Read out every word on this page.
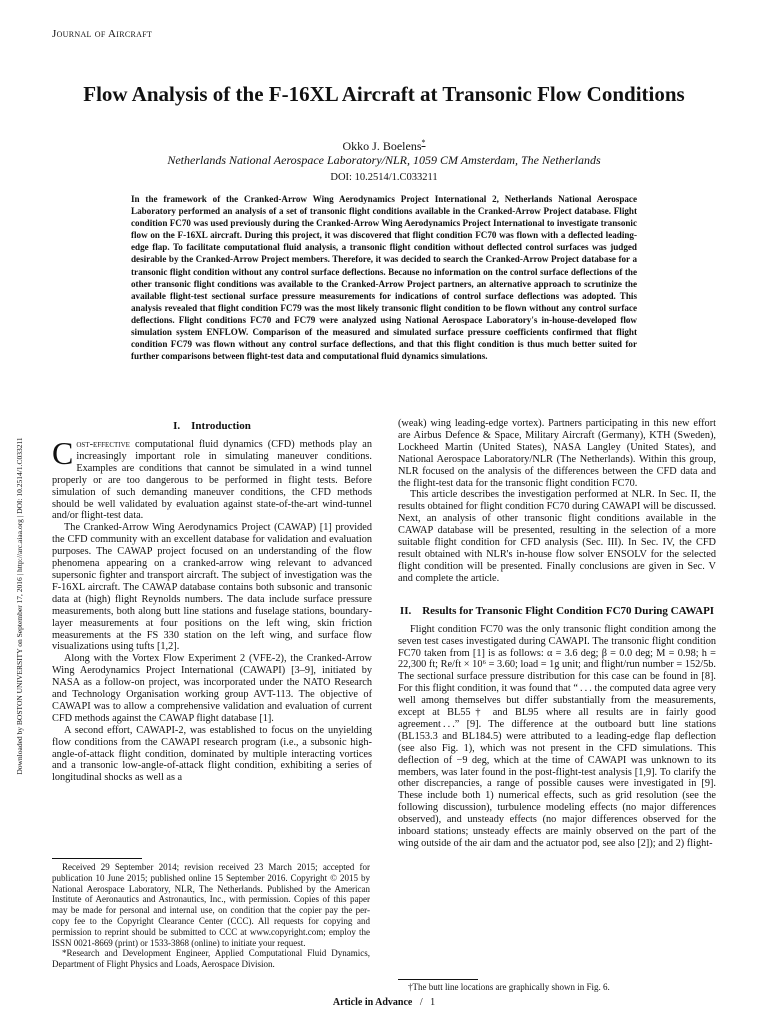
Journal of Aircraft
Downloaded by BOSTON UNIVERSITY on September 17, 2016 | http://arc.aiaa.org | DOI: 10.2514/1.C033211
Flow Analysis of the F-16XL Aircraft at Transonic Flow Conditions
Okko J. Boelens*
Netherlands National Aerospace Laboratory/NLR, 1059 CM Amsterdam, The Netherlands
DOI: 10.2514/1.C033211
In the framework of the Cranked-Arrow Wing Aerodynamics Project International 2, Netherlands National Aerospace Laboratory performed an analysis of a set of transonic flight conditions available in the Cranked-Arrow Project database. Flight condition FC70 was used previously during the Cranked-Arrow Wing Aerodynamics Project International to investigate transonic flow on the F-16XL aircraft. During this project, it was discovered that flight condition FC70 was flown with a deflected leading-edge flap. To facilitate computational fluid analysis, a transonic flight condition without deflected control surfaces was judged desirable by the Cranked-Arrow Project members. Therefore, it was decided to search the Cranked-Arrow Project database for a transonic flight condition without any control surface deflections. Because no information on the control surface deflections of the other transonic flight conditions was available to the Cranked-Arrow Project partners, an alternative approach to scrutinize the available flight-test sectional surface pressure measurements for indications of control surface deflections was adopted. This analysis revealed that flight condition FC79 was the most likely transonic flight condition to be flown without any control surface deflections. Flight conditions FC70 and FC79 were analyzed using National Aerospace Laboratory's in-house-developed flow simulation system ENFLOW. Comparison of the measured and simulated surface pressure coefficients confirmed that flight condition FC79 was flown without any control surface deflections, and that this flight condition is thus much better suited for further comparisons between flight-test data and computational fluid dynamics simulations.
I. Introduction

Cost-effective computational fluid dynamics (CFD) methods play an increasingly important role in simulating maneuver conditions. Examples are conditions that cannot be simulated in a wind tunnel properly or are too dangerous to be performed in flight tests. Before simulation of such demanding maneuver conditions, the CFD methods should be well validated by evaluation against state-of-the-art wind-tunnel and/or flight-test data.

The Cranked-Arrow Wing Aerodynamics Project (CAWAP) [1] provided the CFD community with an excellent database for validation and evaluation purposes. The CAWAP project focused on an understanding of the flow phenomena appearing on a cranked-arrow wing relevant to advanced supersonic fighter and transport aircraft. The subject of investigation was the F-16XL aircraft. The CAWAP database contains both subsonic and transonic data at (high) flight Reynolds numbers. The data include surface pressure measurements, both along butt line stations and fuselage stations, boundary-layer measurements at four positions on the left wing, skin friction measurements at the FS 330 station on the left wing, and surface flow visualizations using tufts [1,2].

Along with the Vortex Flow Experiment 2 (VFE-2), the Cranked-Arrow Wing Aerodynamics Project International (CAWAPI) [3–9], initiated by NASA as a follow-on project, was incorporated under the NATO Research and Technology Organisation working group AVT-113. The objective of CAWAPI was to allow a comprehensive validation and evaluation of current CFD methods against the CAWAP flight database [1].

A second effort, CAWAPI-2, was established to focus on the unyielding flow conditions from the CAWAPI research program (i.e., a subsonic high-angle-of-attack flight condition, dominated by multiple interacting vortices and a transonic low-angle-of-attack flight condition, exhibiting a series of longitudinal shocks as well as a

(weak) wing leading-edge vortex). Partners participating in this new effort are Airbus Defence & Space, Military Aircraft (Germany), KTH (Sweden), Lockheed Martin (United States), NASA Langley (United States), and National Aerospace Laboratory/NLR (The Netherlands). Within this group, NLR focused on the analysis of the differences between the CFD data and the flight-test data for the transonic flight condition FC70.

This article describes the investigation performed at NLR. In Sec. II, the results obtained for flight condition FC70 during CAWAPI will be discussed. Next, an analysis of other transonic flight conditions available in the CAWAP database will be presented, resulting in the selection of a more suitable flight condition for CFD analysis (Sec. III). In Sec. IV, the CFD result obtained with NLR's in-house flow solver ENSOLV for the selected flight condition will be presented. Finally conclusions are given in Sec. V and complete the article.

II. Results for Transonic Flight Condition FC70 During CAWAPI

Flight condition FC70 was the only transonic flight condition among the seven test cases investigated during CAWAPI. The transonic flight condition FC70 taken from [1] is as follows: α = 3.6 deg; β = 0.0 deg; M = 0.98; h = 22,300 ft; Re/ft × 10⁶ = 3.60; load = 1g unit; and flight/run number = 152/5b. The sectional surface pressure distribution for this case can be found in [8]. For this flight condition, it was found that “ . . . the computed data agree very well among themselves but differ substantially from the measurements, except at BL55† and BL95 where all results are in fairly good agreement . . .” [9]. The difference at the outboard butt line stations (BL153.3 and BL184.5) were attributed to a leading-edge flap deflection (see also Fig. 1), which was not present in the CFD simulations. This deflection of −9 deg, which at the time of CAWAPI was unknown to its members, was later found in the post-flight-test analysis [1,9]. To clarify the other discrepancies, a range of possible causes were investigated in [9]. These include both 1) numerical effects, such as grid resolution (see the following discussion), turbulence modeling effects (no major differences observed), and unsteady effects (no major differences observed for the inboard stations; unsteady effects are mainly observed on the part of the wing outside of the air dam and the actuator pod, see also [2]); and 2) flight-

Received 29 September 2014; revision received 23 March 2015; accepted for publication 10 June 2015; published online 15 September 2016. Copyright © 2015 by National Aerospace Laboratory, NLR, The Netherlands. Published by the American Institute of Aeronautics and Astronautics, Inc., with permission. Copies of this paper may be made for personal and internal use, on condition that the copier pay the per-copy fee to the Copyright Clearance Center (CCC). All requests for copying and permission to reprint should be submitted to CCC at www.copyright.com; employ the ISSN 0021-8669 (print) or 1533-3868 (online) to initiate your request.

*Research and Development Engineer, Applied Computational Fluid Dynamics, Department of Flight Physics and Loads, Aerospace Division.

†The butt line locations are graphically shown in Fig. 6.

Article in Advance / 1
